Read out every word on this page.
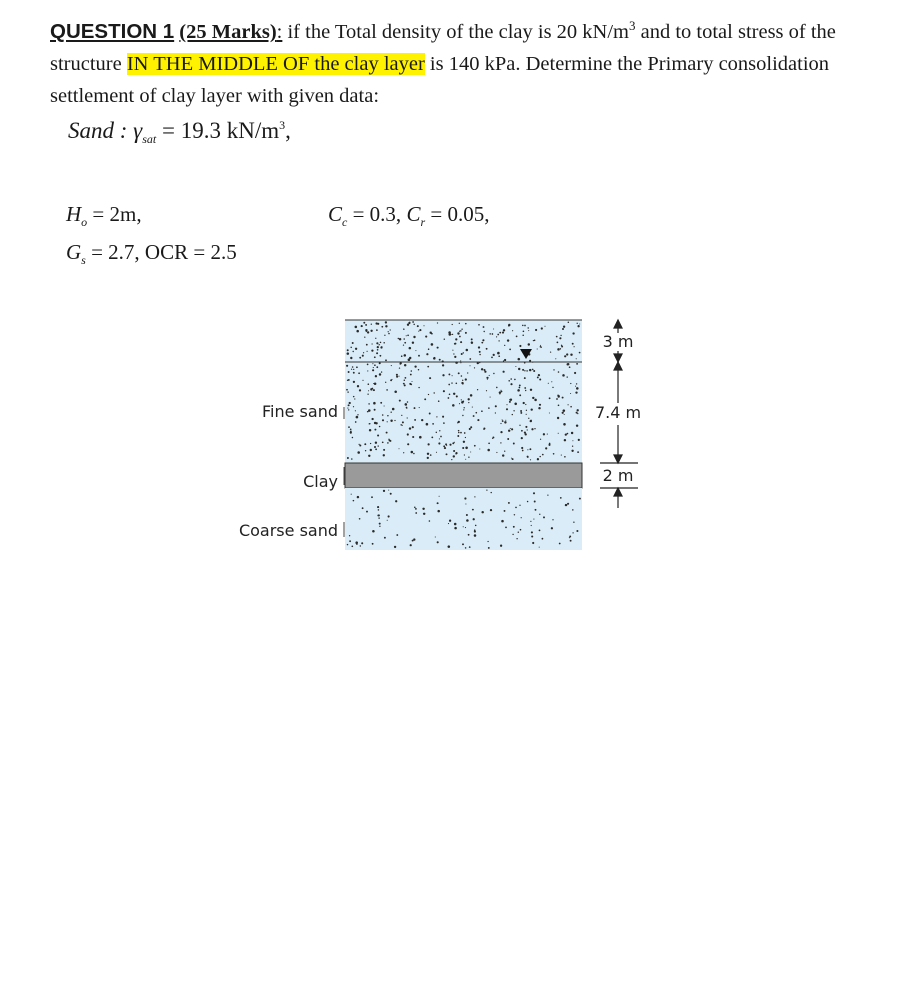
QUESTION 1 (25 Marks): if the Total density of the clay is 20 $kN/m^3$ and to total stress of the structure IN THE MIDDLE OF the clay layer is 140 kPa. Determine the Primary consolidation settlement of clay layer with given data:
Sand : $\gamma_{sat} = 19.3$ $kN/m^3$,
$H_o = 2m$,	$C_c = 0.3$, $C_r = 0.05$,
$G_s = 2.7$, OCR = 2.5
Fine sand
Clay
Coarse sand
3 m
7.4 m
2 m
